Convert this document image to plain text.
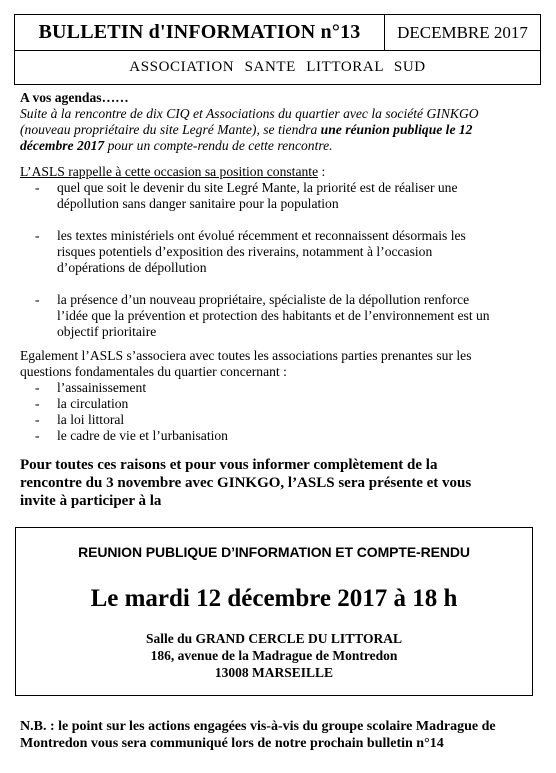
BULLETIN d'INFORMATION n°13	DECEMBRE 2017
ASSOCIATION SANTE LITTORAL SUD
A vos agendas……
Suite à la rencontre de dix CIQ et Associations du quartier avec la société GINKGO
(nouveau propriétaire du site Legré Mante), se tiendra une réunion publique le 12
décembre 2017 pour un compte-rendu de cette rencontre.
L’ASLS rappelle à cette occasion sa position constante :
- quel que soit le devenir du site Legré Mante, la priorité est de réaliser une
dépollution sans danger sanitaire pour la population
- les textes ministériels ont évolué récemment et reconnaissent désormais les
risques potentiels d’exposition des riverains, notamment à l’occasion
d’opérations de dépollution
- la présence d’un nouveau propriétaire, spécialiste de la dépollution renforce
l’idée que la prévention et protection des habitants et de l’environnement est un
objectif prioritaire
Egalement l’ASLS s’associera avec toutes les associations parties prenantes sur les
questions fondamentales du quartier concernant :
- l’assainissement
- la circulation
- la loi littoral
- le cadre de vie et l’urbanisation
Pour toutes ces raisons et pour vous informer complètement de la
rencontre du 3 novembre avec GINKGO, l’ASLS sera présente et vous
invite à participer à la
REUNION PUBLIQUE D’INFORMATION ET COMPTE-RENDU
Le mardi 12 décembre 2017 à 18 h
Salle du GRAND CERCLE DU LITTORAL
186, avenue de la Madrague de Montredon
13008 MARSEILLE
N.B. : le point sur les actions engagées vis-à-vis du groupe scolaire Madrague de
Montredon vous sera communiqué lors de notre prochain bulletin n°14
